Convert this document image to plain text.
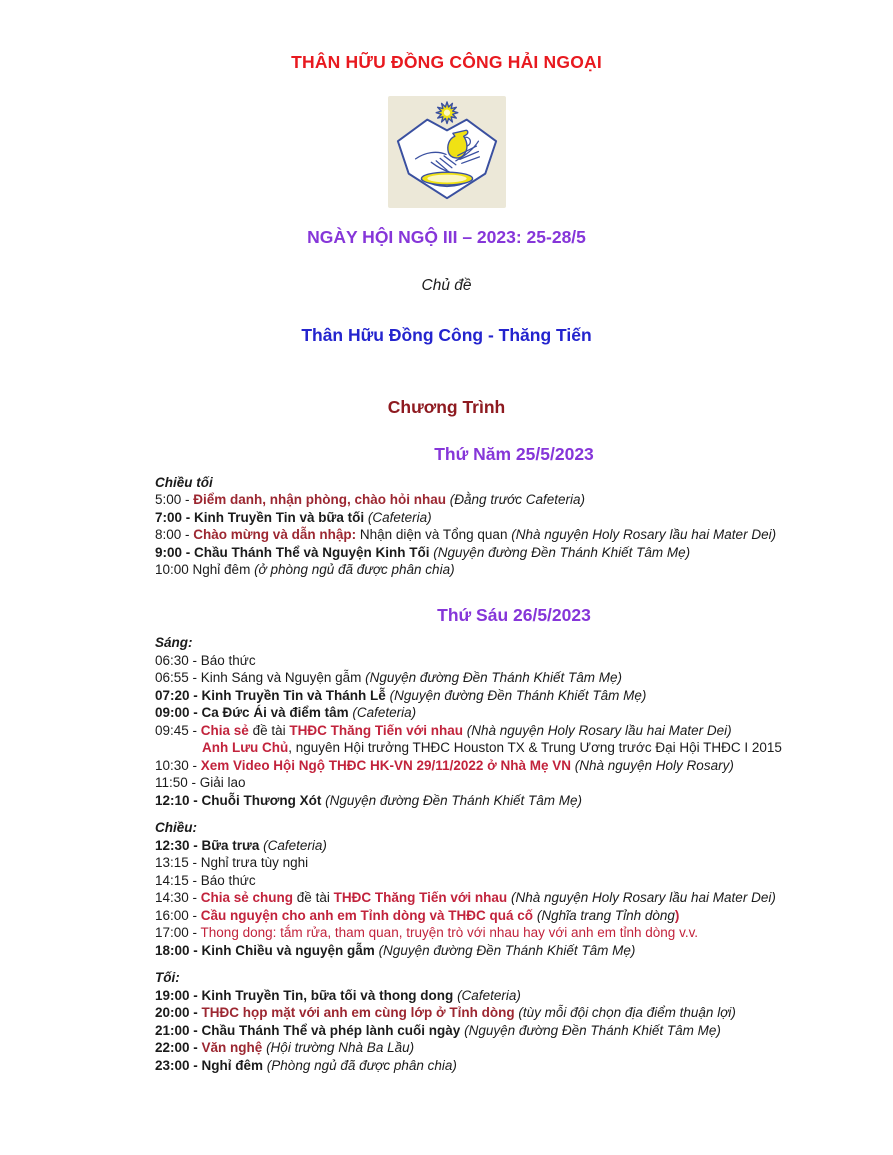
THÂN HỮU ĐỒNG CÔNG HẢI NGOẠI
NGÀY HỘI NGỘ III – 2023: 25-28/5
Chủ đề
Thân Hữu Đồng Công - Thăng Tiến
Chương Trình
Thứ Năm 25/5/2023
Chiều tối
5:00 - Điểm danh, nhận phòng, chào hỏi nhau (Đằng trước Cafeteria)
7:00 - Kinh Truyền Tin và bữa tối (Cafeteria)
8:00 - Chào mừng và dẫn nhập: Nhận diện và Tổng quan (Nhà nguyện Holy Rosary lầu hai Mater Dei)
9:00 - Chầu Thánh Thể và Nguyện Kinh Tối (Nguyện đường Đền Thánh Khiết Tâm Mẹ)
10:00 Nghỉ đêm (ở phòng ngủ đã được phân chia)
Thứ Sáu 26/5/2023
Sáng:
06:30 - Báo thức
06:55 - Kinh Sáng và Nguyện gẫm (Nguyện đường Đền Thánh Khiết Tâm Mẹ)
07:20 - Kinh Truyền Tin và Thánh Lễ (Nguyện đường Đền Thánh Khiết Tâm Mẹ)
09:00 - Ca Đức Ái và điểm tâm (Cafeteria)
09:45 - Chia sẻ đề tài THĐC Thăng Tiến với nhau (Nhà nguyện Holy Rosary lầu hai Mater Dei)
Anh Lưu Chủ, nguyên Hội trưởng THĐC Houston TX & Trung Ương trước Đại Hội THĐC I 2015
10:30 - Xem Video Hội Ngộ THĐC HK-VN 29/11/2022 ở Nhà Mẹ VN (Nhà nguyện Holy Rosary)
11:50 - Giải lao
12:10 - Chuỗi Thương Xót (Nguyện đường Đền Thánh Khiết Tâm Mẹ)
Chiều:
12:30 - Bữa trưa (Cafeteria)
13:15 - Nghỉ trưa tùy nghi
14:15 - Báo thức
14:30 - Chia sẻ chung đề tài THĐC Thăng Tiến với nhau (Nhà nguyện Holy Rosary lầu hai Mater Dei)
16:00 - Cầu nguyện cho anh em Tỉnh dòng và THĐC quá cố (Nghĩa trang Tỉnh dòng)
17:00 - Thong dong: tắm rửa, tham quan, truyện trò với nhau hay với anh em tỉnh dòng v.v.
18:00 - Kinh Chiều và nguyện gẫm (Nguyện đường Đền Thánh Khiết Tâm Mẹ)
Tối:
19:00 - Kinh Truyền Tin, bữa tối và thong dong (Cafeteria)
20:00 - THĐC họp mặt với anh em cùng lớp ở Tỉnh dòng (tùy mỗi đội chọn địa điểm thuận lợi)
21:00 - Chầu Thánh Thể và phép lành cuối ngày (Nguyện đường Đền Thánh Khiết Tâm Mẹ)
22:00 - Văn nghệ (Hội trường Nhà Ba Lầu)
23:00 - Nghỉ đêm (Phòng ngủ đã được phân chia)
